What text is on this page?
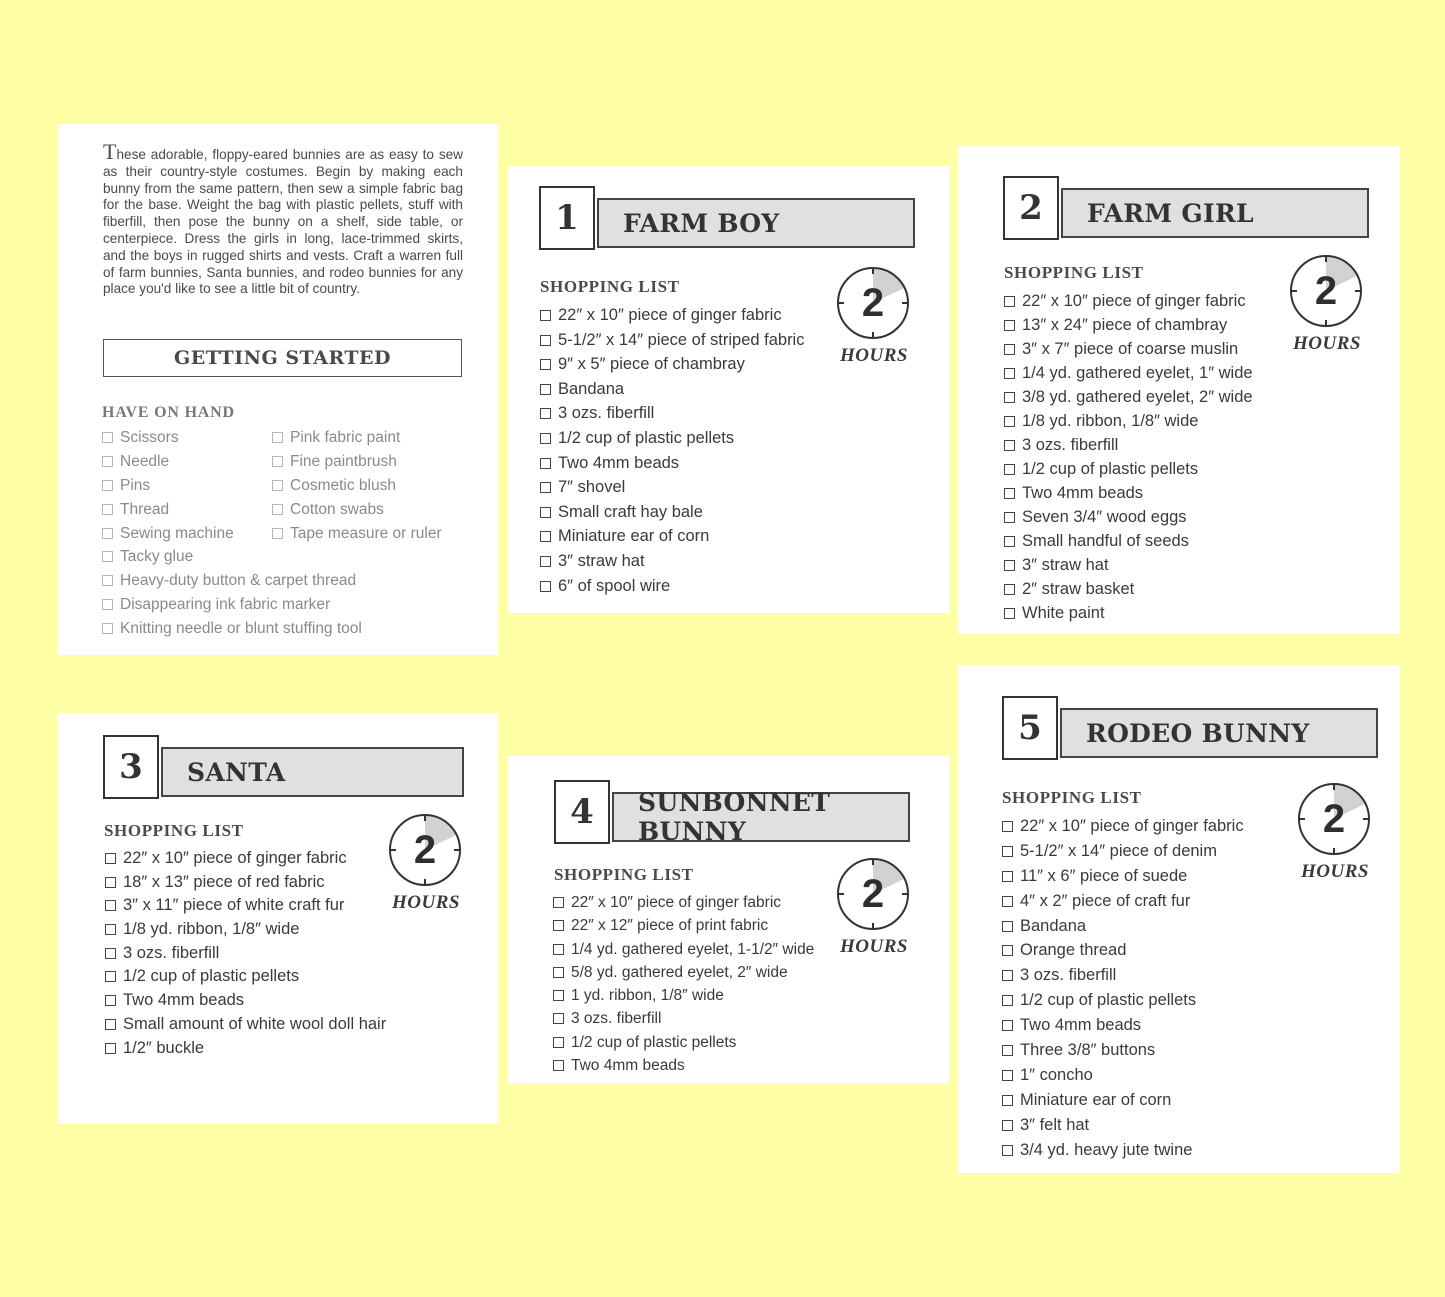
These adorable, floppy-eared bunnies are as easy to sew as their country-style costumes. Begin by making each bunny from the same pattern, then sew a simple fabric bag for the base. Weight the bag with plastic pellets, stuff with fiberfill, then pose the bunny on a shelf, side table, or centerpiece. Dress the girls in long, lace-trimmed skirts, and the boys in rugged shirts and vests. Craft a warren full of farm bunnies, Santa bunnies, and rodeo bunnies for any place you'd like to see a little bit of country.

GETTING STARTED
HAVE ON HAND
Scissors
Needle
Pins
Thread
Sewing machine
Tacky glue
Heavy-duty button & carpet thread
Disappearing ink fabric marker
Knitting needle or blunt stuffing tool
Pink fabric paint
Fine paintbrush
Cosmetic blush
Cotton swabs
Tape measure or ruler
1	FARM BOY
SHOPPING LIST	2
HOURS
22″ x 10″ piece of ginger fabric
5-1/2″ x 14″ piece of striped fabric
9″ x 5″ piece of chambray
Bandana
3 ozs. fiberfill
1/2 cup of plastic pellets
Two 4mm beads
7″ shovel
Small craft hay bale
Miniature ear of corn
3″ straw hat
6″ of spool wire
2	FARM GIRL
SHOPPING LIST	2
HOURS
22″ x 10″ piece of ginger fabric
13″ x 24″ piece of chambray
3″ x 7″ piece of coarse muslin
1/4 yd. gathered eyelet, 1″ wide
3/8 yd. gathered eyelet, 2″ wide
1/8 yd. ribbon, 1/8″ wide
3 ozs. fiberfill
1/2 cup of plastic pellets
Two 4mm beads
Seven 3/4″ wood eggs
Small handful of seeds
3″ straw hat
2″ straw basket
White paint
3	SANTA
SHOPPING LIST	2
HOURS
22″ x 10″ piece of ginger fabric
18″ x 13″ piece of red fabric
3″ x 11″ piece of white craft fur
1/8 yd. ribbon, 1/8″ wide
3 ozs. fiberfill
1/2 cup of plastic pellets
Two 4mm beads
Small amount of white wool doll hair
1/2″ buckle
4	SUNBONNET BUNNY
SHOPPING LIST	2
HOURS
22″ x 10″ piece of ginger fabric
22″ x 12″ piece of print fabric
1/4 yd. gathered eyelet, 1-1/2″ wide
5/8 yd. gathered eyelet, 2″ wide
1 yd. ribbon, 1/8″ wide
3 ozs. fiberfill
1/2 cup of plastic pellets
Two 4mm beads
5	RODEO BUNNY
SHOPPING LIST	2
HOURS
22″ x 10″ piece of ginger fabric
5-1/2″ x 14″ piece of denim
11″ x 6″ piece of suede
4″ x 2″ piece of craft fur
Bandana
Orange thread
3 ozs. fiberfill
1/2 cup of plastic pellets
Two 4mm beads
Three 3/8″ buttons
1″ concho
Miniature ear of corn
3″ felt hat
3/4 yd. heavy jute twine
